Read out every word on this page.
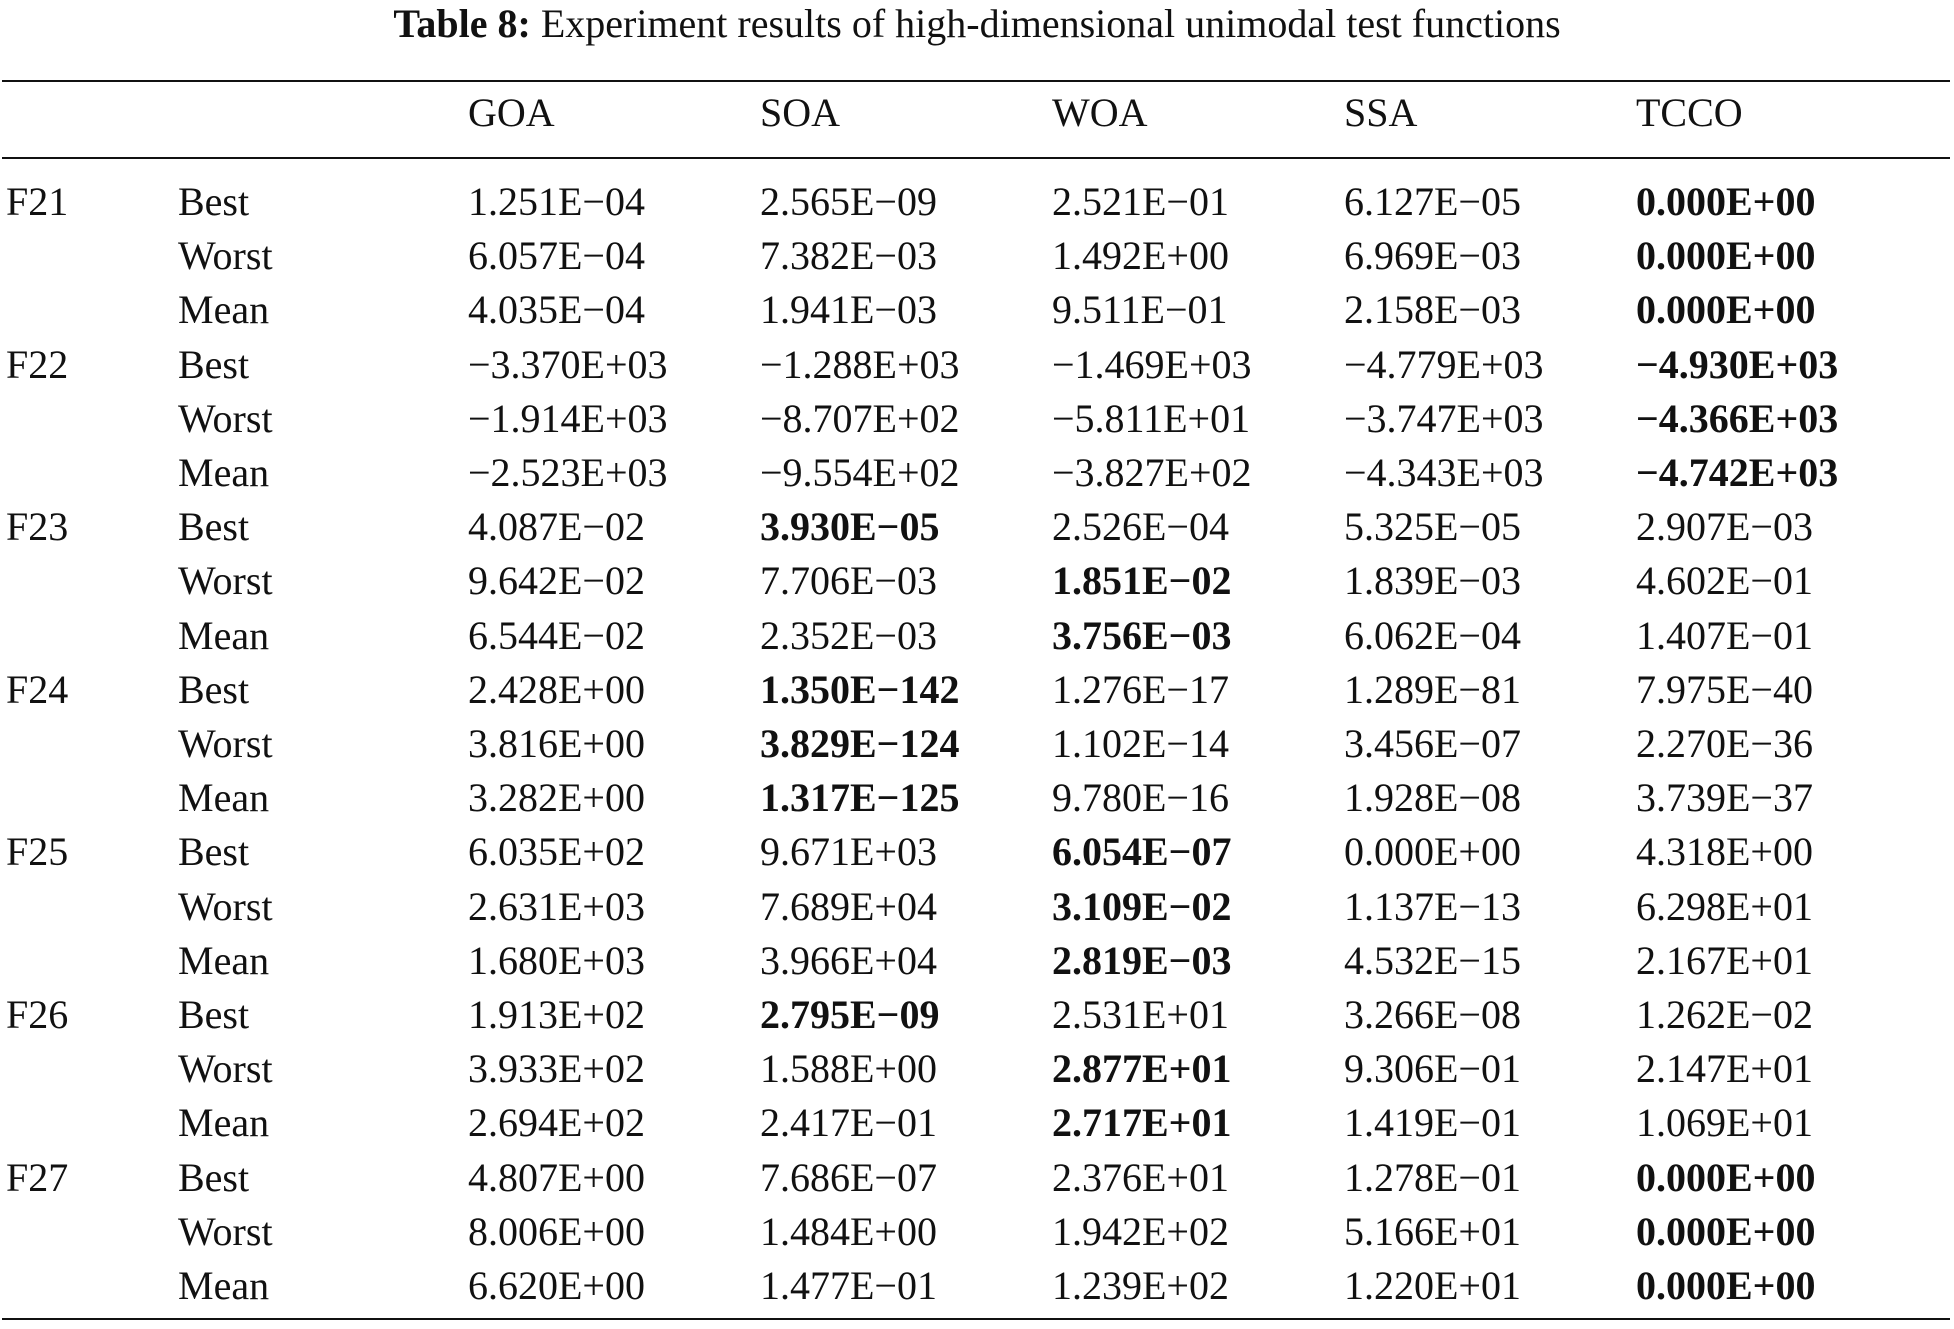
Table 8: Experiment results of high-dimensional unimodal test functions
GOA	SOA	WOA	SSA	TCCO
F21	Best	1.251E−04	2.565E−09	2.521E−01	6.127E−05	0.000E+00
Worst	6.057E−04	7.382E−03	1.492E+00	6.969E−03	0.000E+00
Mean	4.035E−04	1.941E−03	9.511E−01	2.158E−03	0.000E+00
F22	Best	−3.370E+03 −1.288E+03 −1.469E+03 −4.779E+03 −4.930E+03
Worst	−1.914E+03 −8.707E+02 −5.811E+01 −3.747E+03 −4.366E+03
Mean	−2.523E+03 −9.554E+02 −3.827E+02 −4.343E+03 −4.742E+03
F23	Best	4.087E−02	3.930E−05	2.526E−04	5.325E−05	2.907E−03
Worst	9.642E−02	7.706E−03	1.851E−02	1.839E−03	4.602E−01
Mean	6.544E−02	2.352E−03	3.756E−03	6.062E−04	1.407E−01
F24	Best	2.428E+00	1.350E−142 1.276E−17	1.289E−81	7.975E−40
Worst	3.816E+00	3.829E−124 1.102E−14	3.456E−07	2.270E−36
Mean	3.282E+00	1.317E−125 9.780E−16	1.928E−08	3.739E−37
F25	Best	6.035E+02	9.671E+03	6.054E−07	0.000E+00	4.318E+00
Worst	2.631E+03	7.689E+04	3.109E−02	1.137E−13	6.298E+01
Mean	1.680E+03	3.966E+04	2.819E−03	4.532E−15	2.167E+01
F26	Best	1.913E+02	2.795E−09	2.531E+01	3.266E−08	1.262E−02
Worst	3.933E+02	1.588E+00	2.877E+01	9.306E−01	2.147E+01
Mean	2.694E+02	2.417E−01	2.717E+01	1.419E−01	1.069E+01
F27	Best	4.807E+00	7.686E−07	2.376E+01	1.278E−01	0.000E+00
Worst	8.006E+00	1.484E+00	1.942E+02	5.166E+01	0.000E+00
Mean	6.620E+00	1.477E−01	1.239E+02	1.220E+01	0.000E+00
